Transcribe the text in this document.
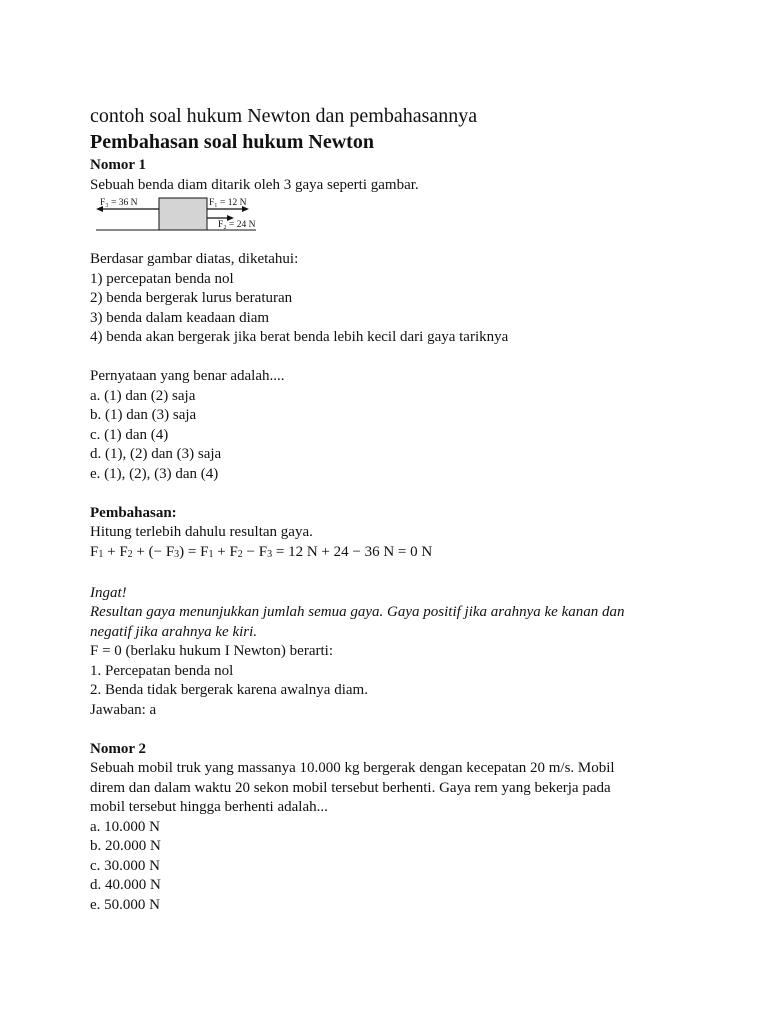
contoh soal hukum Newton dan pembahasannya
Pembahasan soal hukum Newton
Nomor 1
Sebuah benda diam ditarik oleh 3 gaya seperti gambar.
F₃ = 36 N	F₁ = 12 N
F₂ = 24 N
Berdasar gambar diatas, diketahui:
1) percepatan benda nol
2) benda bergerak lurus beraturan
3) benda dalam keadaan diam
4) benda akan bergerak jika berat benda lebih kecil dari gaya tariknya
Pernyataan yang benar adalah....
a. (1) dan (2) saja
b. (1) dan (3) saja
c. (1) dan (4)
d. (1), (2) dan (3) saja
e. (1), (2), (3) dan (4)
Pembahasan:
Hitung terlebih dahulu resultan gaya.
F1 + F2 + (− F3) = F1 + F2 − F3 = 12 N + 24 − 36 N = 0 N
Ingat!
Resultan gaya menunjukkan jumlah semua gaya. Gaya positif jika arahnya ke kanan dan
negatif jika arahnya ke kiri.
F = 0 (berlaku hukum I Newton) berarti:
1. Percepatan benda nol
2. Benda tidak bergerak karena awalnya diam.
Jawaban: a
Nomor 2
Sebuah mobil truk yang massanya 10.000 kg bergerak dengan kecepatan 20 m/s. Mobil
direm dan dalam waktu 20 sekon mobil tersebut berhenti. Gaya rem yang bekerja pada
mobil tersebut hingga berhenti adalah...
a. 10.000 N
b. 20.000 N
c. 30.000 N
d. 40.000 N
e. 50.000 N
